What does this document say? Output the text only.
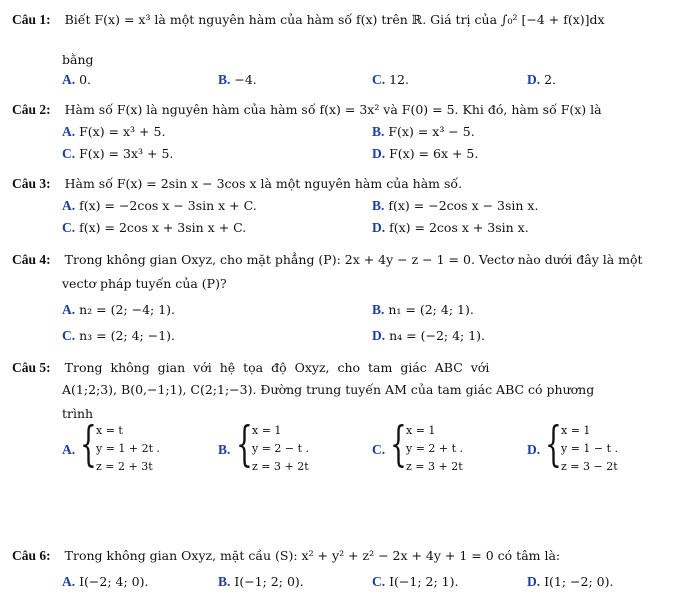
Câu 1: Biết F(x) = x³ là một nguyên hàm của hàm số f(x) trên ℝ. Giá trị của ∫₀² [−4 + f(x)]dx
bằng
A. 0.	B. −4.	C. 12.	D. 2.
Câu 2: Hàm số F(x) là nguyên hàm của hàm số f(x) = 3x² và F(0) = 5. Khi đó, hàm số F(x) là
A. F(x) = x³ + 5.	B. F(x) = x³ − 5.
C. F(x) = 3x³ + 5.	D. F(x) = 6x + 5.
Câu 3: Hàm số F(x) = 2sin x − 3cos x là một nguyên hàm của hàm số.
A. f(x) = −2cos x − 3sin x + C.	B. f(x) = −2cos x − 3sin x.
C. f(x) = 2cos x + 3sin x + C.	D. f(x) = 2cos x + 3sin x.
Câu 4: Trong không gian Oxyz, cho mặt phẳng (P): 2x + 4y − z − 1 = 0. Vectơ nào dưới đây là một
vectơ pháp tuyến của (P)?
A. n₂ = (2; −4; 1).	B. n₁ = (2; 4; 1).
C. n₃ = (2; 4; −1).	D. n₄ = (−2; 4; 1).
Câu 5: Trong không gian với hệ tọa độ Oxyz, cho tam giác ABC với
A(1;2;3), B(0,−1;1), C(2;1;−3). Đường trung tuyến AM của tam giác ABC có phương
trình
A. { x = t
y = 1 + 2t .
z = 2 + 3t
B. { x = 1
y = 2 − t .
z = 3 + 2t
C. { x = 1
y = 2 + t .
z = 3 + 2t
D. { x = 1
y = 1 − t .
z = 3 − 2t
Câu 6: Trong không gian Oxyz, mặt cầu (S): x² + y² + z² − 2x + 4y + 1 = 0 có tâm là:
A. I(−2; 4; 0).	B. I(−1; 2; 0).	C. I(−1; 2; 1).	D. I(1; −2; 0).
